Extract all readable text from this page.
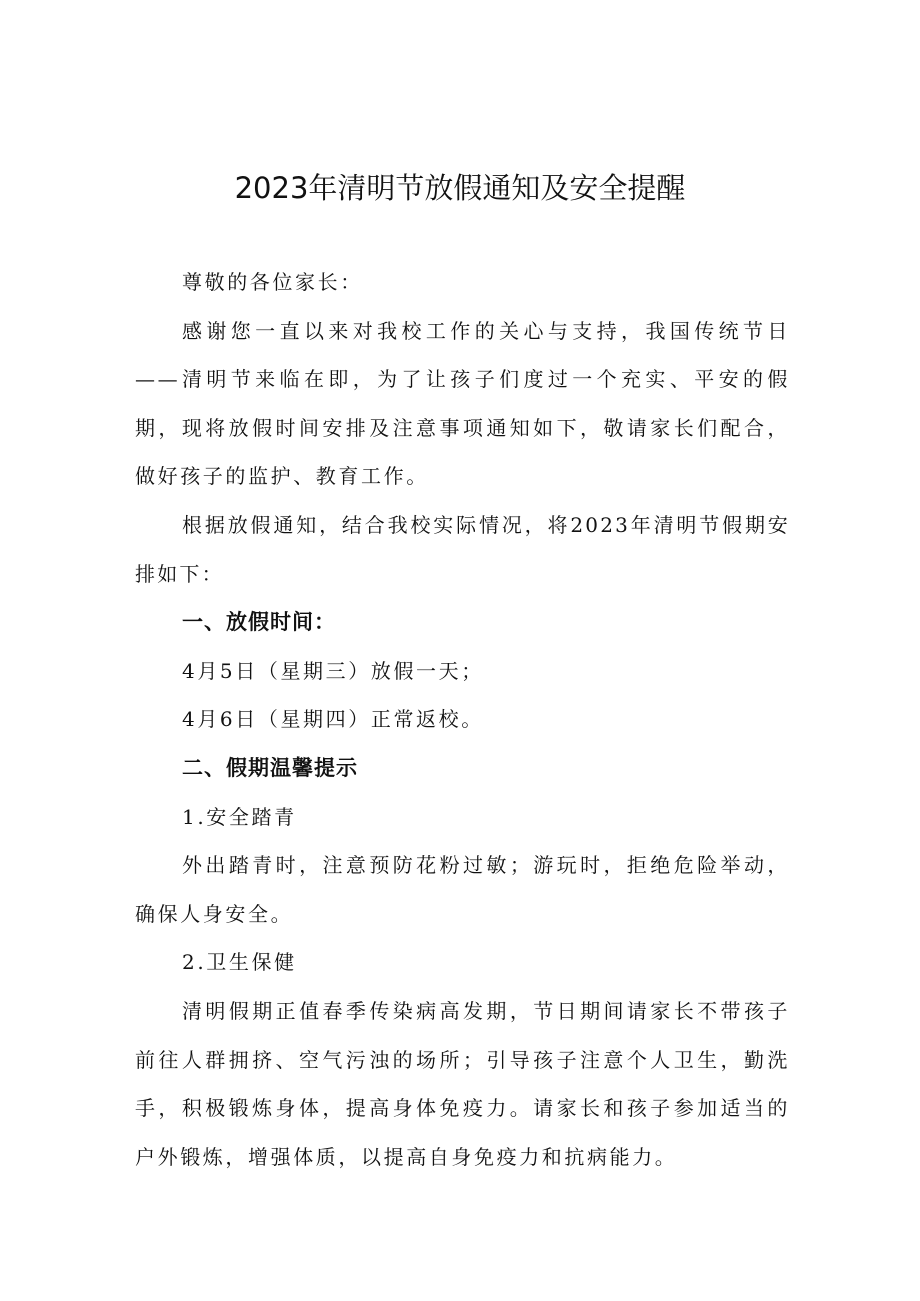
2023年清明节放假通知及安全提醒

尊敬的各位家长：

感谢您一直以来对我校工作的关心与支持，我国传统节日——清明节来临在即，为了让孩子们度过一个充实、平安的假期，现将放假时间安排及注意事项通知如下，敬请家长们配合，做好孩子的监护、教育工作。

根据放假通知，结合我校实际情况，将2023年清明节假期安排如下：

一、放假时间：

4月5日（星期三）放假一天；

4月6日（星期四）正常返校。

二、假期温馨提示

1.安全踏青

外出踏青时，注意预防花粉过敏；游玩时，拒绝危险举动，确保人身安全。

2.卫生保健

清明假期正值春季传染病高发期，节日期间请家长不带孩子前往人群拥挤、空气污浊的场所；引导孩子注意个人卫生，勤洗手，积极锻炼身体，提高身体免疫力。请家长和孩子参加适当的户外锻炼，增强体质，以提高自身免疫力和抗病能力。
